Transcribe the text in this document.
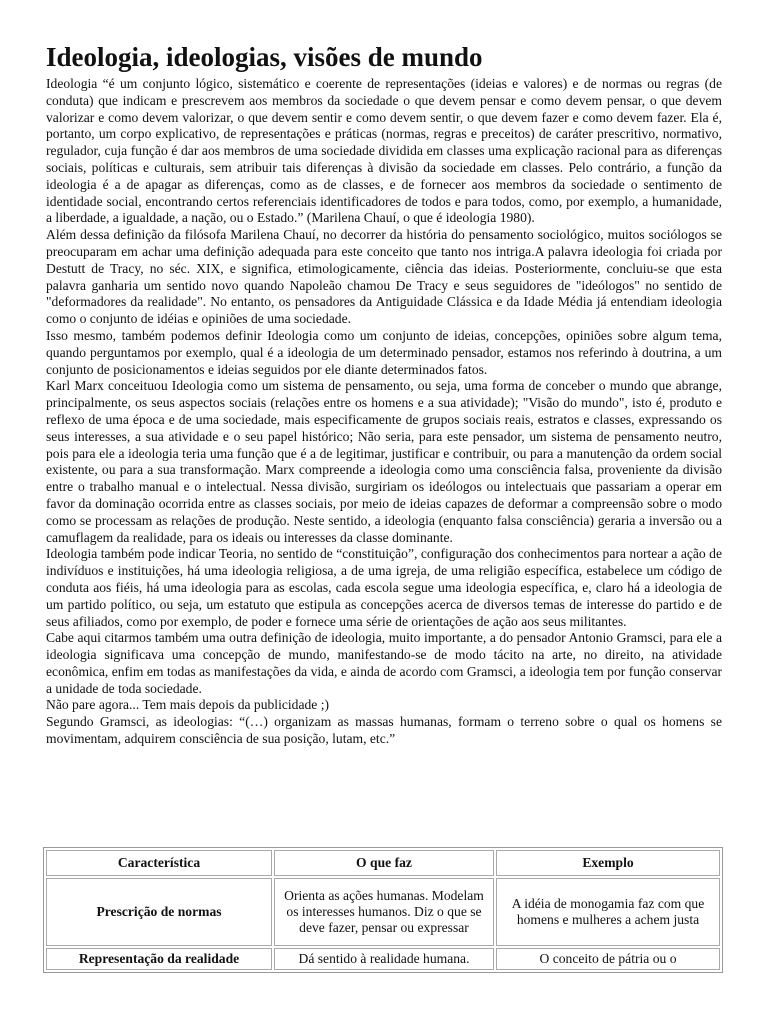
Ideologia, ideologias, visões de mundo

Ideologia “é um conjunto lógico, sistemático e coerente de representações (ideias e valores) e de normas ou regras (de conduta) que indicam e prescrevem aos membros da sociedade o que devem pensar e como devem pensar, o que devem valorizar e como devem valorizar, o que devem sentir e como devem sentir, o que devem fazer e como devem fazer. Ela é, portanto, um corpo explicativo, de representações e práticas (normas, regras e preceitos) de caráter prescritivo, normativo, regulador, cuja função é dar aos membros de uma sociedade dividida em classes uma explicação racional para as diferenças sociais, políticas e culturais, sem atribuir tais diferenças à divisão da sociedade em classes. Pelo contrário, a função da ideologia é a de apagar as diferenças, como as de classes, e de fornecer aos membros da sociedade o sentimento de identidade social, encontrando certos referenciais identificadores de todos e para todos, como, por exemplo, a humanidade, a liberdade, a igualdade, a nação, ou o Estado.” (Marilena Chauí, o que é ideologia 1980).

Além dessa definição da filósofa Marilena Chauí, no decorrer da história do pensamento sociológico, muitos sociólogos se preocuparam em achar uma definição adequada para este conceito que tanto nos intriga.A palavra ideologia foi criada por Destutt de Tracy, no séc. XIX, e significa, etimologicamente, ciência das ideias. Posteriormente, concluiu-se que esta palavra ganharia um sentido novo quando Napoleão chamou De Tracy e seus seguidores de "ideólogos" no sentido de "deformadores da realidade". No entanto, os pensadores da Antiguidade Clássica e da Idade Média já entendiam ideologia como o conjunto de idéias e opiniões de uma sociedade.

Isso mesmo, também podemos definir Ideologia como um conjunto de ideias, concepções, opiniões sobre algum tema, quando perguntamos por exemplo, qual é a ideologia de um determinado pensador, estamos nos referindo à doutrina, a um conjunto de posicionamentos e ideias seguidos por ele diante determinados fatos.

Karl Marx conceituou Ideologia como um sistema de pensamento, ou seja, uma forma de conceber o mundo que abrange, principalmente, os seus aspectos sociais (relações entre os homens e a sua atividade); "Visão do mundo", isto é, produto e reflexo de uma época e de uma sociedade, mais especificamente de grupos sociais reais, estratos e classes, expressando os seus interesses, a sua atividade e o seu papel histórico; Não seria, para este pensador, um sistema de pensamento neutro, pois para ele a ideologia teria uma função que é a de legitimar, justificar e contribuir, ou para a manutenção da ordem social existente, ou para a sua transformação. Marx compreende a ideologia como uma consciência falsa, proveniente da divisão entre o trabalho manual e o intelectual. Nessa divisão, surgiriam os ideólogos ou intelectuais que passariam a operar em favor da dominação ocorrida entre as classes sociais, por meio de ideias capazes de deformar a compreensão sobre o modo como se processam as relações de produção. Neste sentido, a ideologia (enquanto falsa consciência) geraria a inversão ou a camuflagem da realidade, para os ideais ou interesses da classe dominante.

Ideologia também pode indicar Teoria, no sentido de “constituição”, configuração dos conhecimentos para nortear a ação de indivíduos e instituições, há uma ideologia religiosa, a de uma igreja, de uma religião específica, estabelece um código de conduta aos fiéis, há uma ideologia para as escolas, cada escola segue uma ideologia específica, e, claro há a ideologia de um partido político, ou seja, um estatuto que estipula as concepções acerca de diversos temas de interesse do partido e de seus afiliados, como por exemplo, de poder e fornece uma série de orientações de ação aos seus militantes.

Cabe aqui citarmos também uma outra definição de ideologia, muito importante, a do pensador Antonio Gramsci, para ele a ideologia significava uma concepção de mundo, manifestando-se de modo tácito na arte, no direito, na atividade econômica, enfim em todas as manifestações da vida, e ainda de acordo com Gramsci, a ideologia tem por função conservar a unidade de toda sociedade.

Não pare agora... Tem mais depois da publicidade ;)

Segundo Gramsci, as ideologias: “(…) organizam as massas humanas, formam o terreno sobre o qual os homens se movimentam, adquirem consciência de sua posição, lutam, etc.”

Característica	O que faz	Exemplo
Prescrição de normas	Orienta as ações humanas. Modelam os interesses humanos. Diz o que se deve fazer, pensar ou expressar	A idéia de monogamia faz com que homens e mulheres a achem justa
Representação da realidade	Dá sentido à realidade humana.	O conceito de pátria ou o
